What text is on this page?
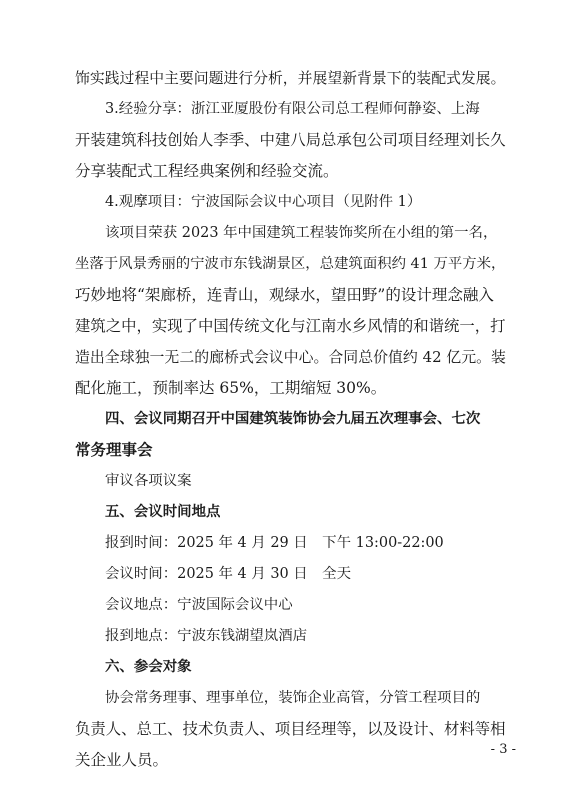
饰实践过程中主要问题进行分析，并展望新背景下的装配式发展。
3.经验分享：浙江亚厦股份有限公司总工程师何静姿、上海
开装建筑科技创始人李季、中建八局总承包公司项目经理刘长久
分享装配式工程经典案例和经验交流。
4.观摩项目：宁波国际会议中心项目（见附件 1）
该项目荣获 2023 年中国建筑工程装饰奖所在小组的第一名，
坐落于风景秀丽的宁波市东钱湖景区，总建筑面积约 41 万平方米，
巧妙地将“架廊桥，连青山，观绿水，望田野”的设计理念融入
建筑之中，实现了中国传统文化与江南水乡风情的和谐统一，打
造出全球独一无二的廊桥式会议中心。合同总价值约 42 亿元。装
配化施工，预制率达 65%，工期缩短 30%。
四、会议同期召开中国建筑装饰协会九届五次理事会、七次
常务理事会
审议各项议案
五、会议时间地点
报到时间：2025 年 4 月 29 日　下午 13:00-22:00
会议时间：2025 年 4 月 30 日　全天
会议地点：宁波国际会议中心
报到地点：宁波东钱湖望岚酒店
六、参会对象
协会常务理事、理事单位，装饰企业高管，分管工程项目的
负责人、总工、技术负责人、项目经理等，以及设计、材料等相
关企业人员。
- 3 -
